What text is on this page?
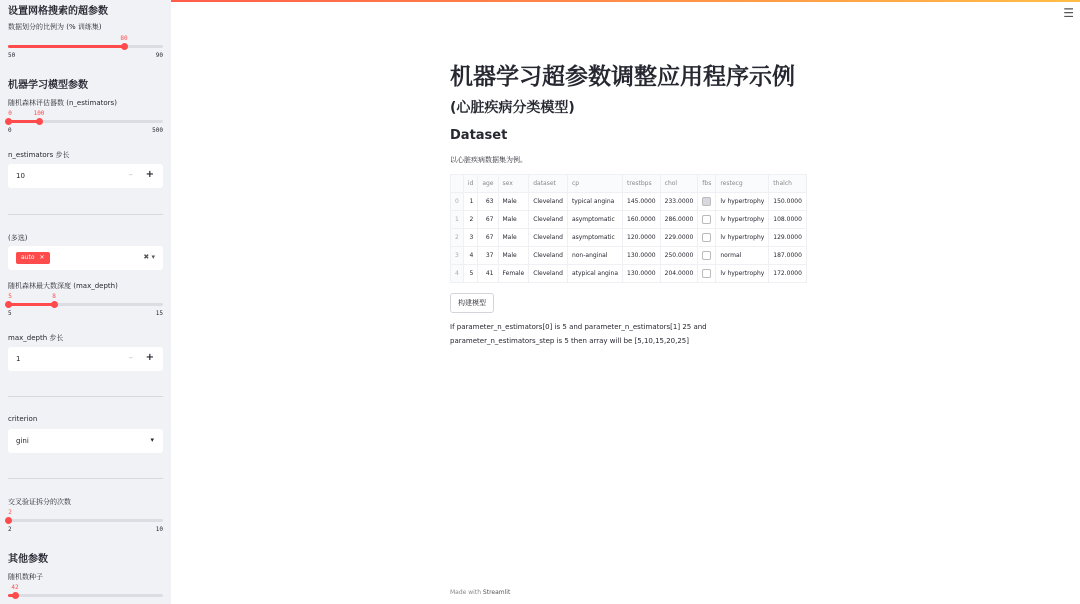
☰
设置网格搜索的超参数
数据划分的比例为 (% 训练集)
80
50	90
机器学习模型参数
随机森林评估器数 (n_estimators)
0	100
0	500
n_estimators 步长
10	– +
(多选)
auto ✕	✖ ▾
随机森林最大数深度 (max_depth)
5	8
5	15
max_depth 步长
1	– +
criterion
gini	▾
交叉验证拆分的次数
2
2	10
其他参数
随机数种子
42
机器学习超参数调整应用程序示例
(心脏疾病分类模型)
Dataset
以心脏疾病数据集为例。
	id	age	sex	dataset	cp	trestbps	chol	fbs	restecg	thalch
0	1	63	Male	Cleveland	typical angina	145.0000	233.0000		lv hypertrophy	150.0000
1	2	67	Male	Cleveland	asymptomatic	160.0000	286.0000		lv hypertrophy	108.0000
2	3	67	Male	Cleveland	asymptomatic	120.0000	229.0000		lv hypertrophy	129.0000
3	4	37	Male	Cleveland	non-anginal	130.0000	250.0000		normal	187.0000
4	5	41	Female	Cleveland	atypical angina	130.0000	204.0000		lv hypertrophy	172.0000
构建模型
If parameter_n_estimators[0] is 5 and parameter_n_estimators[1] 25 and parameter_n_estimators_step is 5 then array will be [5,10,15,20,25]
Made with Streamlit
